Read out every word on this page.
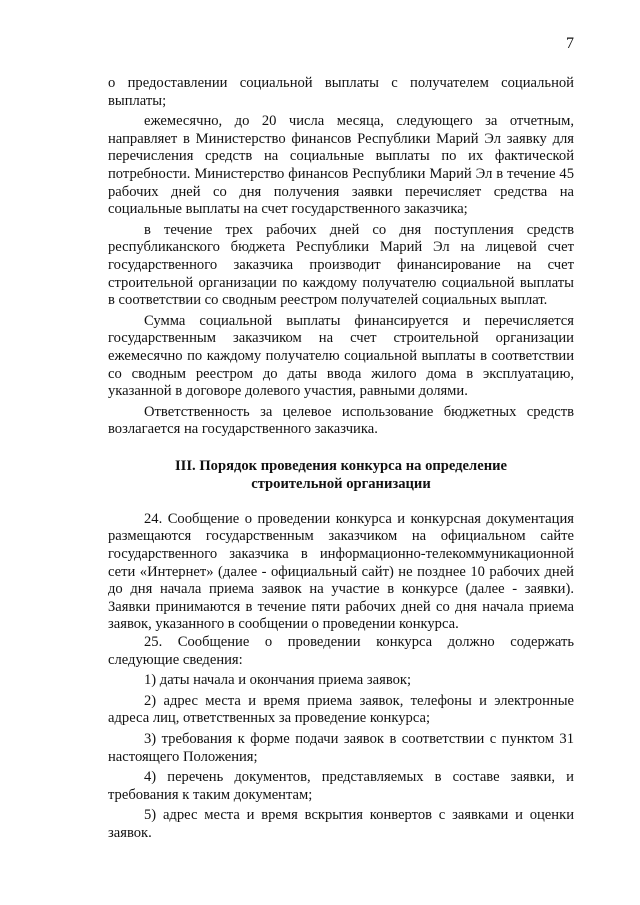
7

о предоставлении социальной выплаты с получателем социальной выплаты;

ежемесячно, до 20 числа месяца, следующего за отчетным, направляет в Министерство финансов Республики Марий Эл заявку для перечисления средств на социальные выплаты по их фактической потребности. Министерство финансов Республики Марий Эл в течение 45 рабочих дней со дня получения заявки перечисляет средства на социальные выплаты на счет государственного заказчика;

в течение трех рабочих дней со дня поступления средств республиканского бюджета Республики Марий Эл на лицевой счет государственного заказчика производит финансирование на счет строительной организации по каждому получателю социальной выплаты в соответствии со сводным реестром получателей социальных выплат.

Сумма социальной выплаты финансируется и перечисляется государственным заказчиком на счет строительной организации ежемесячно по каждому получателю социальной выплаты в соответствии со сводным реестром до даты ввода жилого дома в эксплуатацию, указанной в договоре долевого участия, равными долями.

Ответственность за целевое использование бюджетных средств возлагается на государственного заказчика.

III. Порядок проведения конкурса на определение

строительной организации

24. Сообщение о проведении конкурса и конкурсная документация размещаются государственным заказчиком на официальном сайте государственного заказчика в информационно-телекоммуникационной сети «Интернет» (далее - официальный сайт) не позднее 10 рабочих дней до дня начала приема заявок на участие в конкурсе (далее - заявки). Заявки принимаются в течение пяти рабочих дней со дня начала приема заявок, указанного в сообщении о проведении конкурса.

25. Сообщение о проведении конкурса должно содержать следующие сведения:

1) даты начала и окончания приема заявок;

2) адрес места и время приема заявок, телефоны и электронные адреса лиц, ответственных за проведение конкурса;

3) требования к форме подачи заявок в соответствии с пунктом 31 настоящего Положения;

4) перечень документов, представляемых в составе заявки, и требования к таким документам;

5) адрес места и время вскрытия конвертов с заявками и оценки заявок.
